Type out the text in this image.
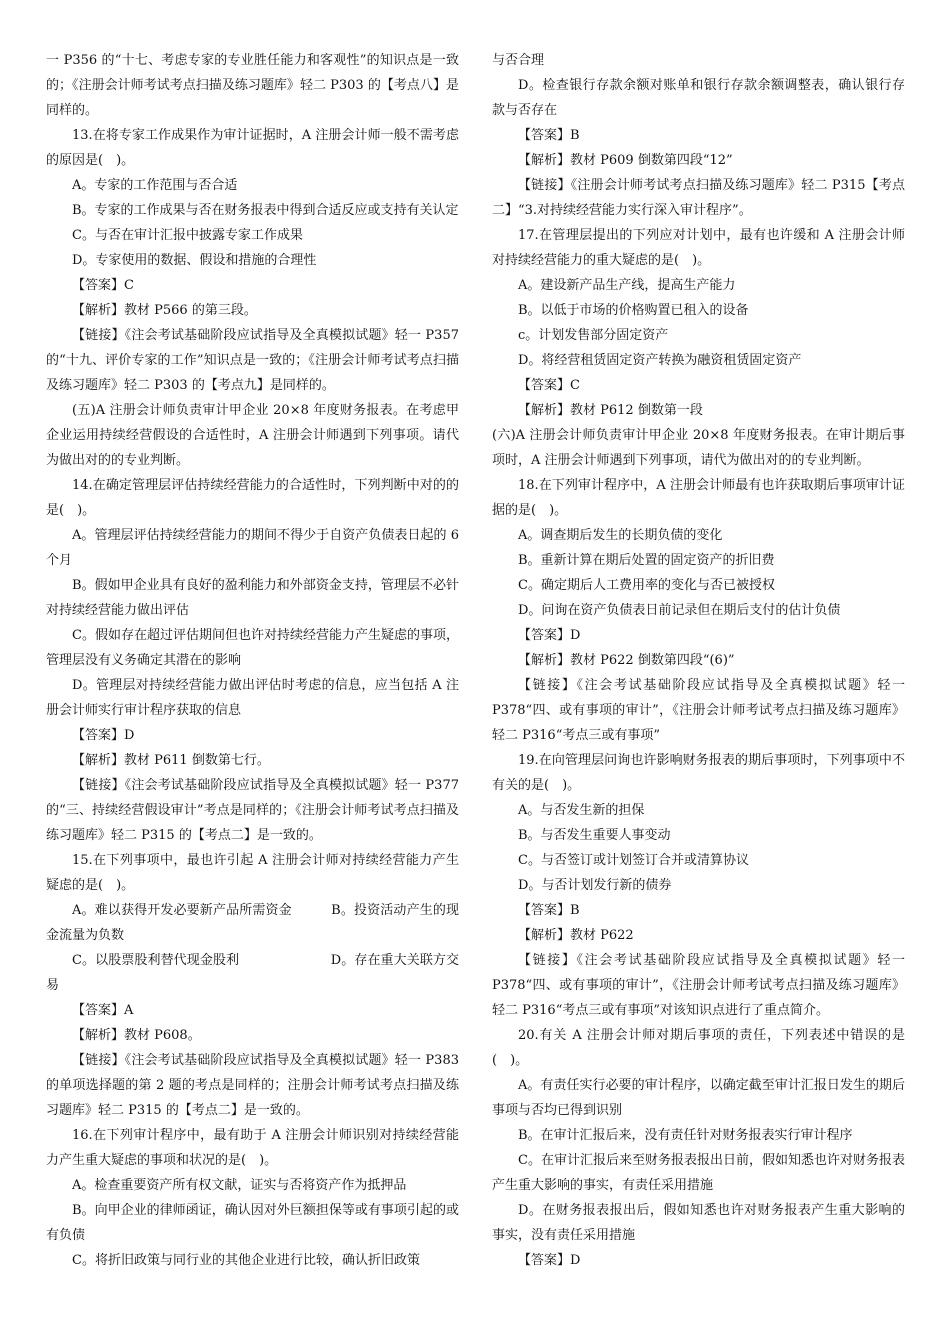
一 P356 的“十七、考虑专家的专业胜任能力和客观性”的知识点是一致的；《注册会计师考试考点扫描及练习题库》轻二 P303 的【考点八】是同样的。

13.在将专家工作成果作为审计证据时，A 注册会计师一般不需考虑的原因是(　)。

A。专家的工作范围与否合适

B。专家的工作成果与否在财务报表中得到合适反应或支持有关认定

C。与否在审计汇报中披露专家工作成果

D。专家使用的数据、假设和措施的合理性

【答案】C

【解析】教材 P566 的第三段。

【链接】《注会考试基础阶段应试指导及全真模拟试题》轻一 P357 的“十九、评价专家的工作”知识点是一致的；《注册会计师考试考点扫描及练习题库》轻二 P303 的【考点九】是同样的。

(五)A 注册会计师负责审计甲企业 20×8 年度财务报表。在考虑甲企业运用持续经营假设的合适性时，A 注册会计师遇到下列事项。请代为做出对的的专业判断。

14.在确定管理层评估持续经营能力的合适性时，下列判断中对的的是(　)。

A。管理层评估持续经营能力的期间不得少于自资产负债表日起的 6 个月

B。假如甲企业具有良好的盈利能力和外部资金支持，管理层不必针对持续经营能力做出评估

C。假如存在超过评估期间但也许对持续经营能力产生疑虑的事项，管理层没有义务确定其潜在的影响

D。管理层对持续经营能力做出评估时考虑的信息，应当包括 A 注册会计师实行审计程序获取的信息

【答案】D

【解析】教材 P611 倒数第七行。

【链接】《注会考试基础阶段应试指导及全真模拟试题》轻一 P377 的“三、持续经营假设审计”考点是同样的；《注册会计师考试考点扫描及练习题库》轻二 P315 的【考点二】是一致的。

15.在下列事项中，最也许引起 A 注册会计师对持续经营能力产生疑虑的是(　)。

A。难以获得开发必要新产品所需资金　　　B。投资活动产生的现金流量为负数

C。以股票股利替代现金股利　　　　　　　D。存在重大关联方交易

【答案】A

【解析】教材 P608。

【链接】《注会考试基础阶段应试指导及全真模拟试题》轻一 P383 的单项选择题的第 2 题的考点是同样的；注册会计师考试考点扫描及练习题库》轻二 P315 的【考点二】是一致的。

16.在下列审计程序中，最有助于 A 注册会计师识别对持续经营能力产生重大疑虑的事项和状况的是(　)。

A。检查重要资产所有权文献，证实与否将资产作为抵押品

B。向甲企业的律师函证，确认因对外巨额担保等或有事项引起的或有负债

C。将折旧政策与同行业的其他企业进行比较，确认折旧政策

与否合理

D。检查银行存款余额对账单和银行存款余额调整表，确认银行存款与否存在

【答案】B

【解析】教材 P609 倒数第四段“12”

【链接】《注册会计师考试考点扫描及练习题库》轻二 P315【考点二】“3.对持续经营能力实行深入审计程序”。

17.在管理层提出的下列应对计划中，最有也许缓和 A 注册会计师对持续经营能力的重大疑虑的是(　)。

A。建设新产品生产线，提高生产能力

B。以低于市场的价格购置已租入的设备

c。计划发售部分固定资产

D。将经营租赁固定资产转换为融资租赁固定资产

【答案】C

【解析】教材 P612 倒数第一段

(六)A 注册会计师负责审计甲企业 20×8 年度财务报表。在审计期后事项时，A 注册会计师遇到下列事项，请代为做出对的的专业判断。

18.在下列审计程序中，A 注册会计师最有也许获取期后事项审计证据的是(　)。

A。调查期后发生的长期负债的变化

B。重新计算在期后处置的固定资产的折旧费

C。确定期后人工费用率的变化与否已被授权

D。问询在资产负债表日前记录但在期后支付的估计负债

【答案】D

【解析】教材 P622 倒数第四段“(6)”

【链接】《注会考试基础阶段应试指导及全真模拟试题》轻一 P378“四、或有事项的审计”，《注册会计师考试考点扫描及练习题库》轻二 P316“考点三或有事项”

19.在向管理层问询也许影响财务报表的期后事项时，下列事项中不有关的是(　)。

A。与否发生新的担保

B。与否发生重要人事变动

C。与否签订或计划签订合并或清算协议

D。与否计划发行新的债券

【答案】B

【解析】教材 P622

【链接】《注会考试基础阶段应试指导及全真模拟试题》轻一 P378“四、或有事项的审计”，《注册会计师考试考点扫描及练习题库》轻二 P316“考点三或有事项”对该知识点进行了重点简介。

20.有关 A 注册会计师对期后事项的责任，下列表述中错误的是(　)。

A。有责任实行必要的审计程序，以确定截至审计汇报日发生的期后事项与否均已得到识别

B。在审计汇报后来，没有责任针对财务报表实行审计程序

C。在审计汇报后来至财务报表报出日前，假如知悉也许对财务报表产生重大影响的事实，有责任采用措施

D。在财务报表报出后，假如知悉也许对财务报表产生重大影响的事实，没有责任采用措施

【答案】D
